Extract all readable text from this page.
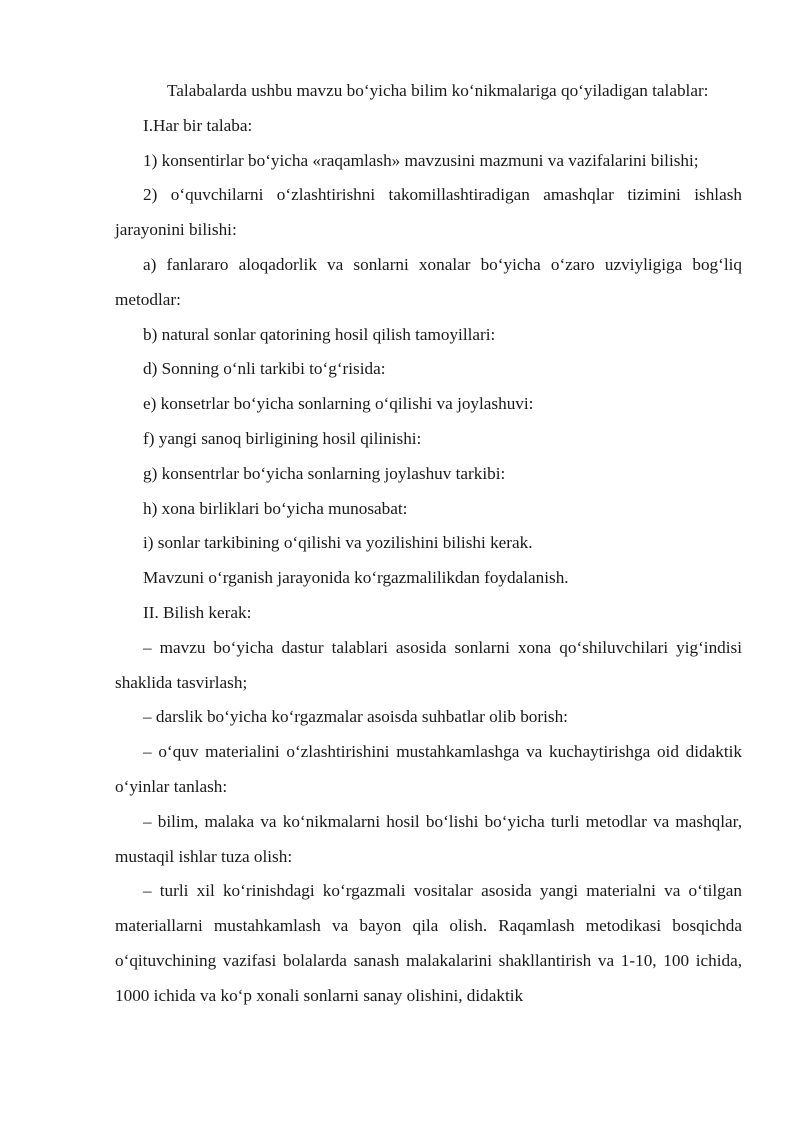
Talabalarda ushbu mavzu bo‘yicha bilim ko‘nikmalariga qo‘yiladigan talablar:

I.Har bir talaba:

1) konsentirlar bo‘yicha «raqamlash» mavzusini mazmuni va vazifalarini bilishi;

2) o‘quvchilarni o‘zlashtirishni takomillashtiradigan amashqlar tizimini ishlash jarayonini bilishi:

a) fanlararo aloqadorlik va sonlarni xonalar bo‘yicha o‘zaro uzviyligiga bog‘liq metodlar:

b) natural sonlar qatorining hosil qilish tamoyillari:

d) Sonning o‘nli tarkibi to‘g‘risida:

e) konsetrlar bo‘yicha sonlarning o‘qilishi va joylashuvi:

f) yangi sanoq birligining hosil qilinishi:

g) konsentrlar bo‘yicha sonlarning joylashuv tarkibi:

h) xona birliklari bo‘yicha munosabat:

i) sonlar tarkibining o‘qilishi va yozilishini bilishi kerak.

Mavzuni o‘rganish jarayonida ko‘rgazmalilikdan foydalanish.

II. Bilish kerak:

– mavzu bo‘yicha dastur talablari asosida sonlarni xona qo‘shiluvchilari yig‘indisi shaklida tasvirlash;

– darslik bo‘yicha ko‘rgazmalar asoisda suhbatlar olib borish:

– o‘quv materialini o‘zlashtirishini mustahkamlashga va kuchaytirishga oid didaktik o‘yinlar tanlash:

– bilim, malaka va ko‘nikmalarni hosil bo‘lishi bo‘yicha turli metodlar va mashqlar, mustaqil ishlar tuza olish:

– turli xil ko‘rinishdagi ko‘rgazmali vositalar asosida yangi materialni va o‘tilgan materiallarni mustahkamlash va bayon qila olish. Raqamlash metodikasi bosqichda o‘qituvchining vazifasi bolalarda sanash malakalarini shakllantirish va 1-10, 100 ichida, 1000 ichida va ko‘p xonali sonlarni sanay olishini, didaktik
